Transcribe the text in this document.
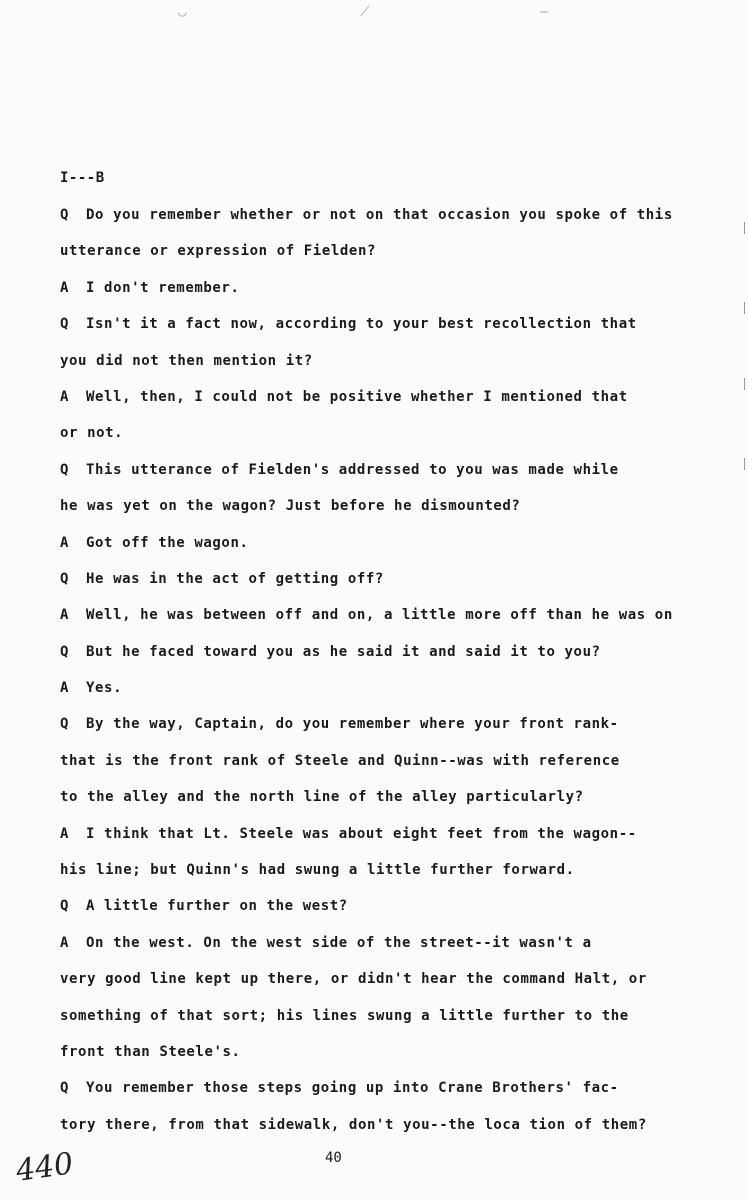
◡	⟋	—
I---B
Q Do you remember whether or not on that occasion you spoke of this
utterance or expression of Fielden?
A I don't remember.
Q Isn't it a fact now, according to your best recollection that
you did not then mention it?
A Well, then, I could not be positive whether I mentioned that
or not.
Q This utterance of Fielden's addressed to you was made while
he was yet on the wagon? Just before he dismounted?
A Got off the wagon.
Q He was in the act of getting off?
A Well, he was between off and on, a little more off than he was on
Q But he faced toward you as he said it and said it to you?
A Yes.
Q By the way, Captain, do you remember where your front rank-
that is the front rank of Steele and Quinn--was with reference
to the alley and the north line of the alley particularly?
A I think that Lt. Steele was about eight feet from the wagon--
his line; but Quinn's had swung a little further forward.
Q A little further on the west?
A On the west. On the west side of the street--it wasn't a
very good line kept up there, or didn't hear the command Halt, or
something of that sort; his lines swung a little further to the
front than Steele's.
Q You remember those steps going up into Crane Brothers' fac-
tory there, from that sidewalk, don't you--the loca tion of them?
40
440
